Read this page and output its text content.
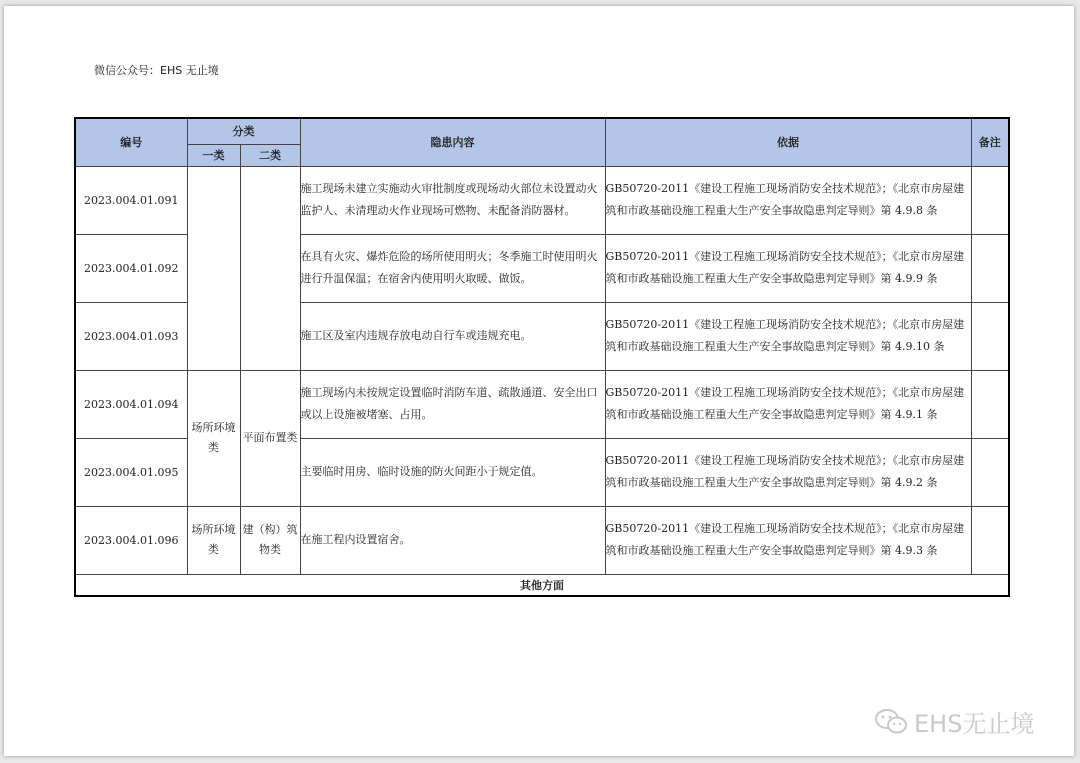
微信公众号：EHS 无止境
编号	分类		隐患内容	依据	备注
	一类	二类			
2023.004.01.091			施工现场未建立实施动火审批制度或现场动火部位未设置动火监护人、未清理动火作业现场可燃物、未配备消防器材。	GB50720-2011《建设工程施工现场消防安全技术规范》；《北京市房屋建筑和市政基础设施工程重大生产安全事故隐患判定导则》第 4.9.8 条	
2023.004.01.092			在具有火灾、爆炸危险的场所使用明火；冬季施工时使用明火进行升温保温；在宿舍内使用明火取暖、做饭。	GB50720-2011《建设工程施工现场消防安全技术规范》；《北京市房屋建筑和市政基础设施工程重大生产安全事故隐患判定导则》第 4.9.9 条	
2023.004.01.093			施工区及室内违规存放电动自行车或违规充电。	GB50720-2011《建设工程施工现场消防安全技术规范》；《北京市房屋建筑和市政基础设施工程重大生产安全事故隐患判定导则》第 4.9.10 条	
2023.004.01.094	场所环境类	平面布置类	施工现场内未按规定设置临时消防车道、疏散通道、安全出口或以上设施被堵塞、占用。	GB50720-2011《建设工程施工现场消防安全技术规范》；《北京市房屋建筑和市政基础设施工程重大生产安全事故隐患判定导则》第 4.9.1 条	
2023.004.01.095			主要临时用房、临时设施的防火间距小于规定值。	GB50720-2011《建设工程施工现场消防安全技术规范》；《北京市房屋建筑和市政基础设施工程重大生产安全事故隐患判定导则》第 4.9.2 条	
2023.004.01.096	场所环境类	建（构）筑物类	在施工程内设置宿舍。	GB50720-2011《建设工程施工现场消防安全技术规范》；《北京市房屋建筑和市政基础设施工程重大生产安全事故隐患判定导则》第 4.9.3 条	
其他方面					
EHS无止境
